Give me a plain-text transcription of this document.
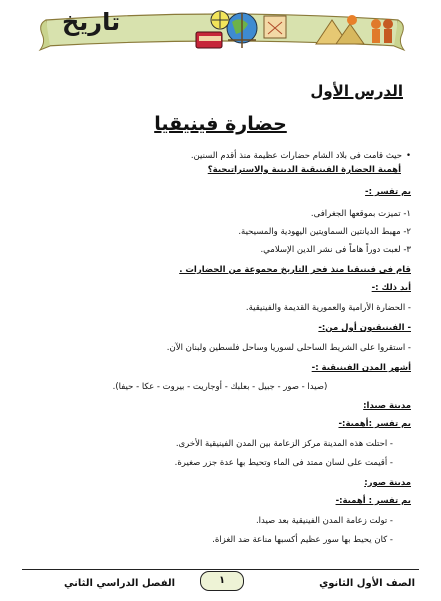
تاريخ
الدرس الأول
حضارة فينيقيا
• حيث قامت فى بلاد الشام حضارات عظيمة منذ أقدم السنين.
أهمية الحضارة الفينيقية الدينية والاستراتيجية؟
بم تفسر :-
١- تميزت بموقعها الجغرافى.
٢- مهبط الديانتين السماويتين اليهودية والمسيحية.
٣- لعبت دوراً هاماً فى نشر الدين الإسلامي.
قام فى فينيقيا منذ فجر التاريخ مجموعة من الحضارات .
أبد ذلك :-
- الحضارة الأرامية والعمورية القديمة والفينيقية.
- الفينيقيون أول من:-
- استقروا على الشريط الساحلى لسوريا وساحل فلسطين ولبنان الآن.
أشهر المدن الفينيقية :-
(صيدا - صور - جبيل - بعلبك - أوجاريت - بيروت - عكا - حيفا).
مدينة صيدا:
بم تفسر :أهمية:-
- احتلت هذه المدينة مركز الزعامة بين المدن الفينيقية الأخرى.
- أقيمت على لسان ممتد فى الماء وتحيط بها عدة جزر صغيرة.
مدينة صور:
بم تفسر : أهمية:-
- تولت زعامة المدن الفينيقية بعد صيدا.
- كان يحيط بها سور عظيم أكسبها مناعة ضد الغزاة.
الصف الأول الثانوي
١
الفصل الدراسي الثاني
